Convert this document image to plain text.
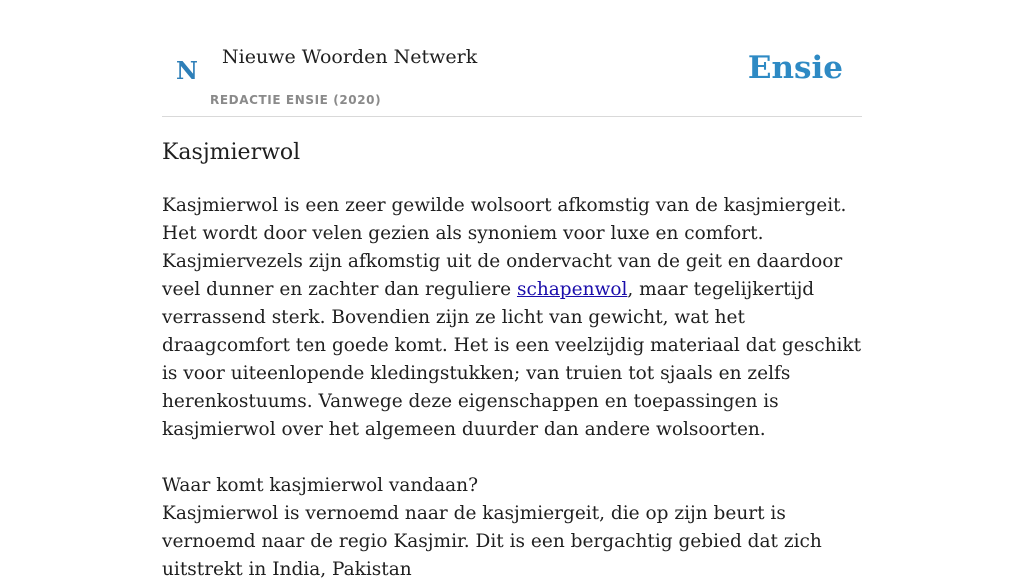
N Nieuwe Woorden Netwerk
REDACTIE ENSIE (2020)
Ensie
Kasjmierwol

Kasjmierwol is een zeer gewilde wolsoort afkomstig van de kasjmiergeit. Het wordt door velen gezien als synoniem voor luxe en comfort. Kasjmiervezels zijn afkomstig uit de ondervacht van de geit en daardoor veel dunner en zachter dan reguliere schapenwol, maar tegelijkertijd verrassend sterk. Bovendien zijn ze licht van gewicht, wat het draagcomfort ten goede komt. Het is een veelzijdig materiaal dat geschikt is voor uiteenlopende kledingstukken; van truien tot sjaals en zelfs herenkostuums. Vanwege deze eigenschappen en toepassingen is kasjmierwol over het algemeen duurder dan andere wolsoorten.

Waar komt kasjmierwol vandaan?

Kasjmierwol is vernoemd naar de kasjmiergeit, die op zijn beurt is vernoemd naar de regio Kasjmir. Dit is een bergachtig gebied dat zich uitstrekt in India, Pakistan
